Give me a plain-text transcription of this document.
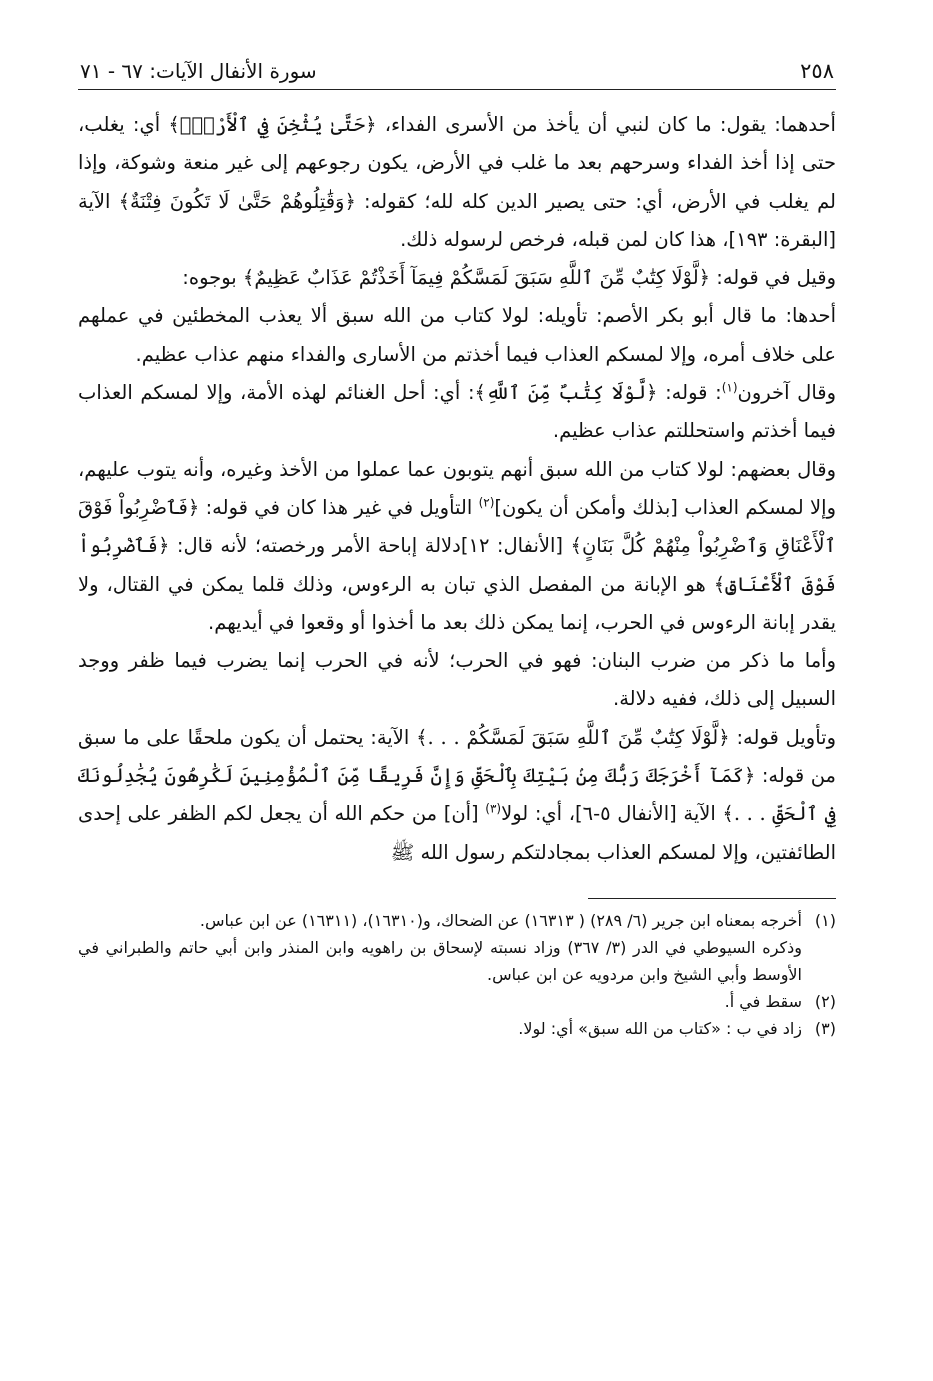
٢٥٨
سورة الأنفال الآيات: ٦٧ - ٧١

أحدهما: يقول: ما كان لنبي أن يأخذ من الأسرى الفداء، ﴿حَتَّىٰ يُثْخِنَ فِي ٱلْأَرْضِۚ﴾ أي: يغلب، حتى إذا أخذ الفداء وسرحهم بعد ما غلب في الأرض، يكون رجوعهم إلى غير منعة وشوكة، وإذا لم يغلب في الأرض، أي: حتى يصير الدين كله لله؛ كقوله: ﴿وَقَٰتِلُوهُمْ حَتَّىٰ لَا تَكُونَ فِتْنَةٌ﴾ الآية [البقرة: ١٩٣]، هذا كان لمن قبله، فرخص لرسوله ذلك.

وقيل في قوله: ﴿لَّوْلَا كِتَٰبٌ مِّنَ ٱللَّهِ سَبَقَ لَمَسَّكُمْ فِيمَآ أَخَذْتُمْ عَذَابٌ عَظِيمٌ﴾ بوجوه:

أحدها: ما قال أبو بكر الأصم: تأويله: لولا كتاب من الله سبق ألا يعذب المخطئين في عملهم على خلاف أمره، وإلا لمسكم العذاب فيما أخذتم من الأسارى والفداء منهم عذاب عظيم.

وقال آخرون$^{(١)}$: قوله: ﴿لَّوْلَا كِتَٰبٌ مِّنَ ٱللَّهِ﴾: أي: أحل الغنائم لهذه الأمة، وإلا لمسكم العذاب فيما أخذتم واستحللتم عذاب عظيم.

وقال بعضهم: لولا كتاب من الله سبق أنهم يتوبون عما عملوا من الأخذ وغيره، وأنه يتوب عليهم، وإلا لمسكم العذاب [بذلك وأمكن أن يكون]$^{(٢)}$ التأويل في غير هذا كان في قوله: ﴿فَٱضْرِبُواْ فَوْقَ ٱلْأَعْنَاقِ وَٱضْرِبُواْ مِنْهُمْ كُلَّ بَنَانٍ﴾ [الأنفال: ١٢]دلالة إباحة الأمر ورخصته؛ لأنه قال: ﴿فَٱضْرِبُواْ فَوْقَ ٱلْأَعْنَاقِ﴾ هو الإبانة من المفصل الذي تبان به الرءوس، وذلك قلما يمكن في القتال، ولا يقدر إبانة الرءوس في الحرب، إنما يمكن ذلك بعد ما أخذوا أو وقعوا في أيديهم.

وأما ما ذكر من ضرب البنان: فهو في الحرب؛ لأنه في الحرب إنما يضرب فيما ظفر ووجد السبيل إلى ذلك، ففيه دلالة.

وتأويل قوله: ﴿لَّوْلَا كِتَٰبٌ مِّنَ ٱللَّهِ سَبَقَ لَمَسَّكُمْ . . .﴾ الآية: يحتمل أن يكون ملحقًا على ما سبق من قوله: ﴿كَمَآ أَخْرَجَكَ رَبُّكَ مِنۢ بَيْتِكَ بِٱلْحَقِّ وَإِنَّ فَرِيقًا مِّنَ ٱلْمُؤْمِنِينَ لَكَٰرِهُونَ يُجَٰدِلُونَكَ فِي ٱلْحَقِّ . . .﴾ الآية [الأنفال ٥-٦]، أي: لولا$^{(٣)}$ [أن] من حكم الله أن يجعل لكم الظفر على إحدى الطائفتين، وإلا لمسكم العذاب بمجادلتكم رسول الله ﷺ

(١)
أخرجه بمعناه ابن جرير (٦/ ٢٨٩) ( ١٦٣١٣) عن الضحاك، و(١٦٣١٠)، (١٦٣١١) عن ابن عباس.

وذكره السيوطي في الدر (٣/ ٣٦٧) وزاد نسبته لإسحاق بن راهويه وابن المنذر وابن أبي حاتم والطبراني في الأوسط وأبي الشيخ وابن مردويه عن ابن عباس.

(٢)
سقط في أ.
(٣)
زاد في ب : «كتاب من الله سبق» أي: لولا.
